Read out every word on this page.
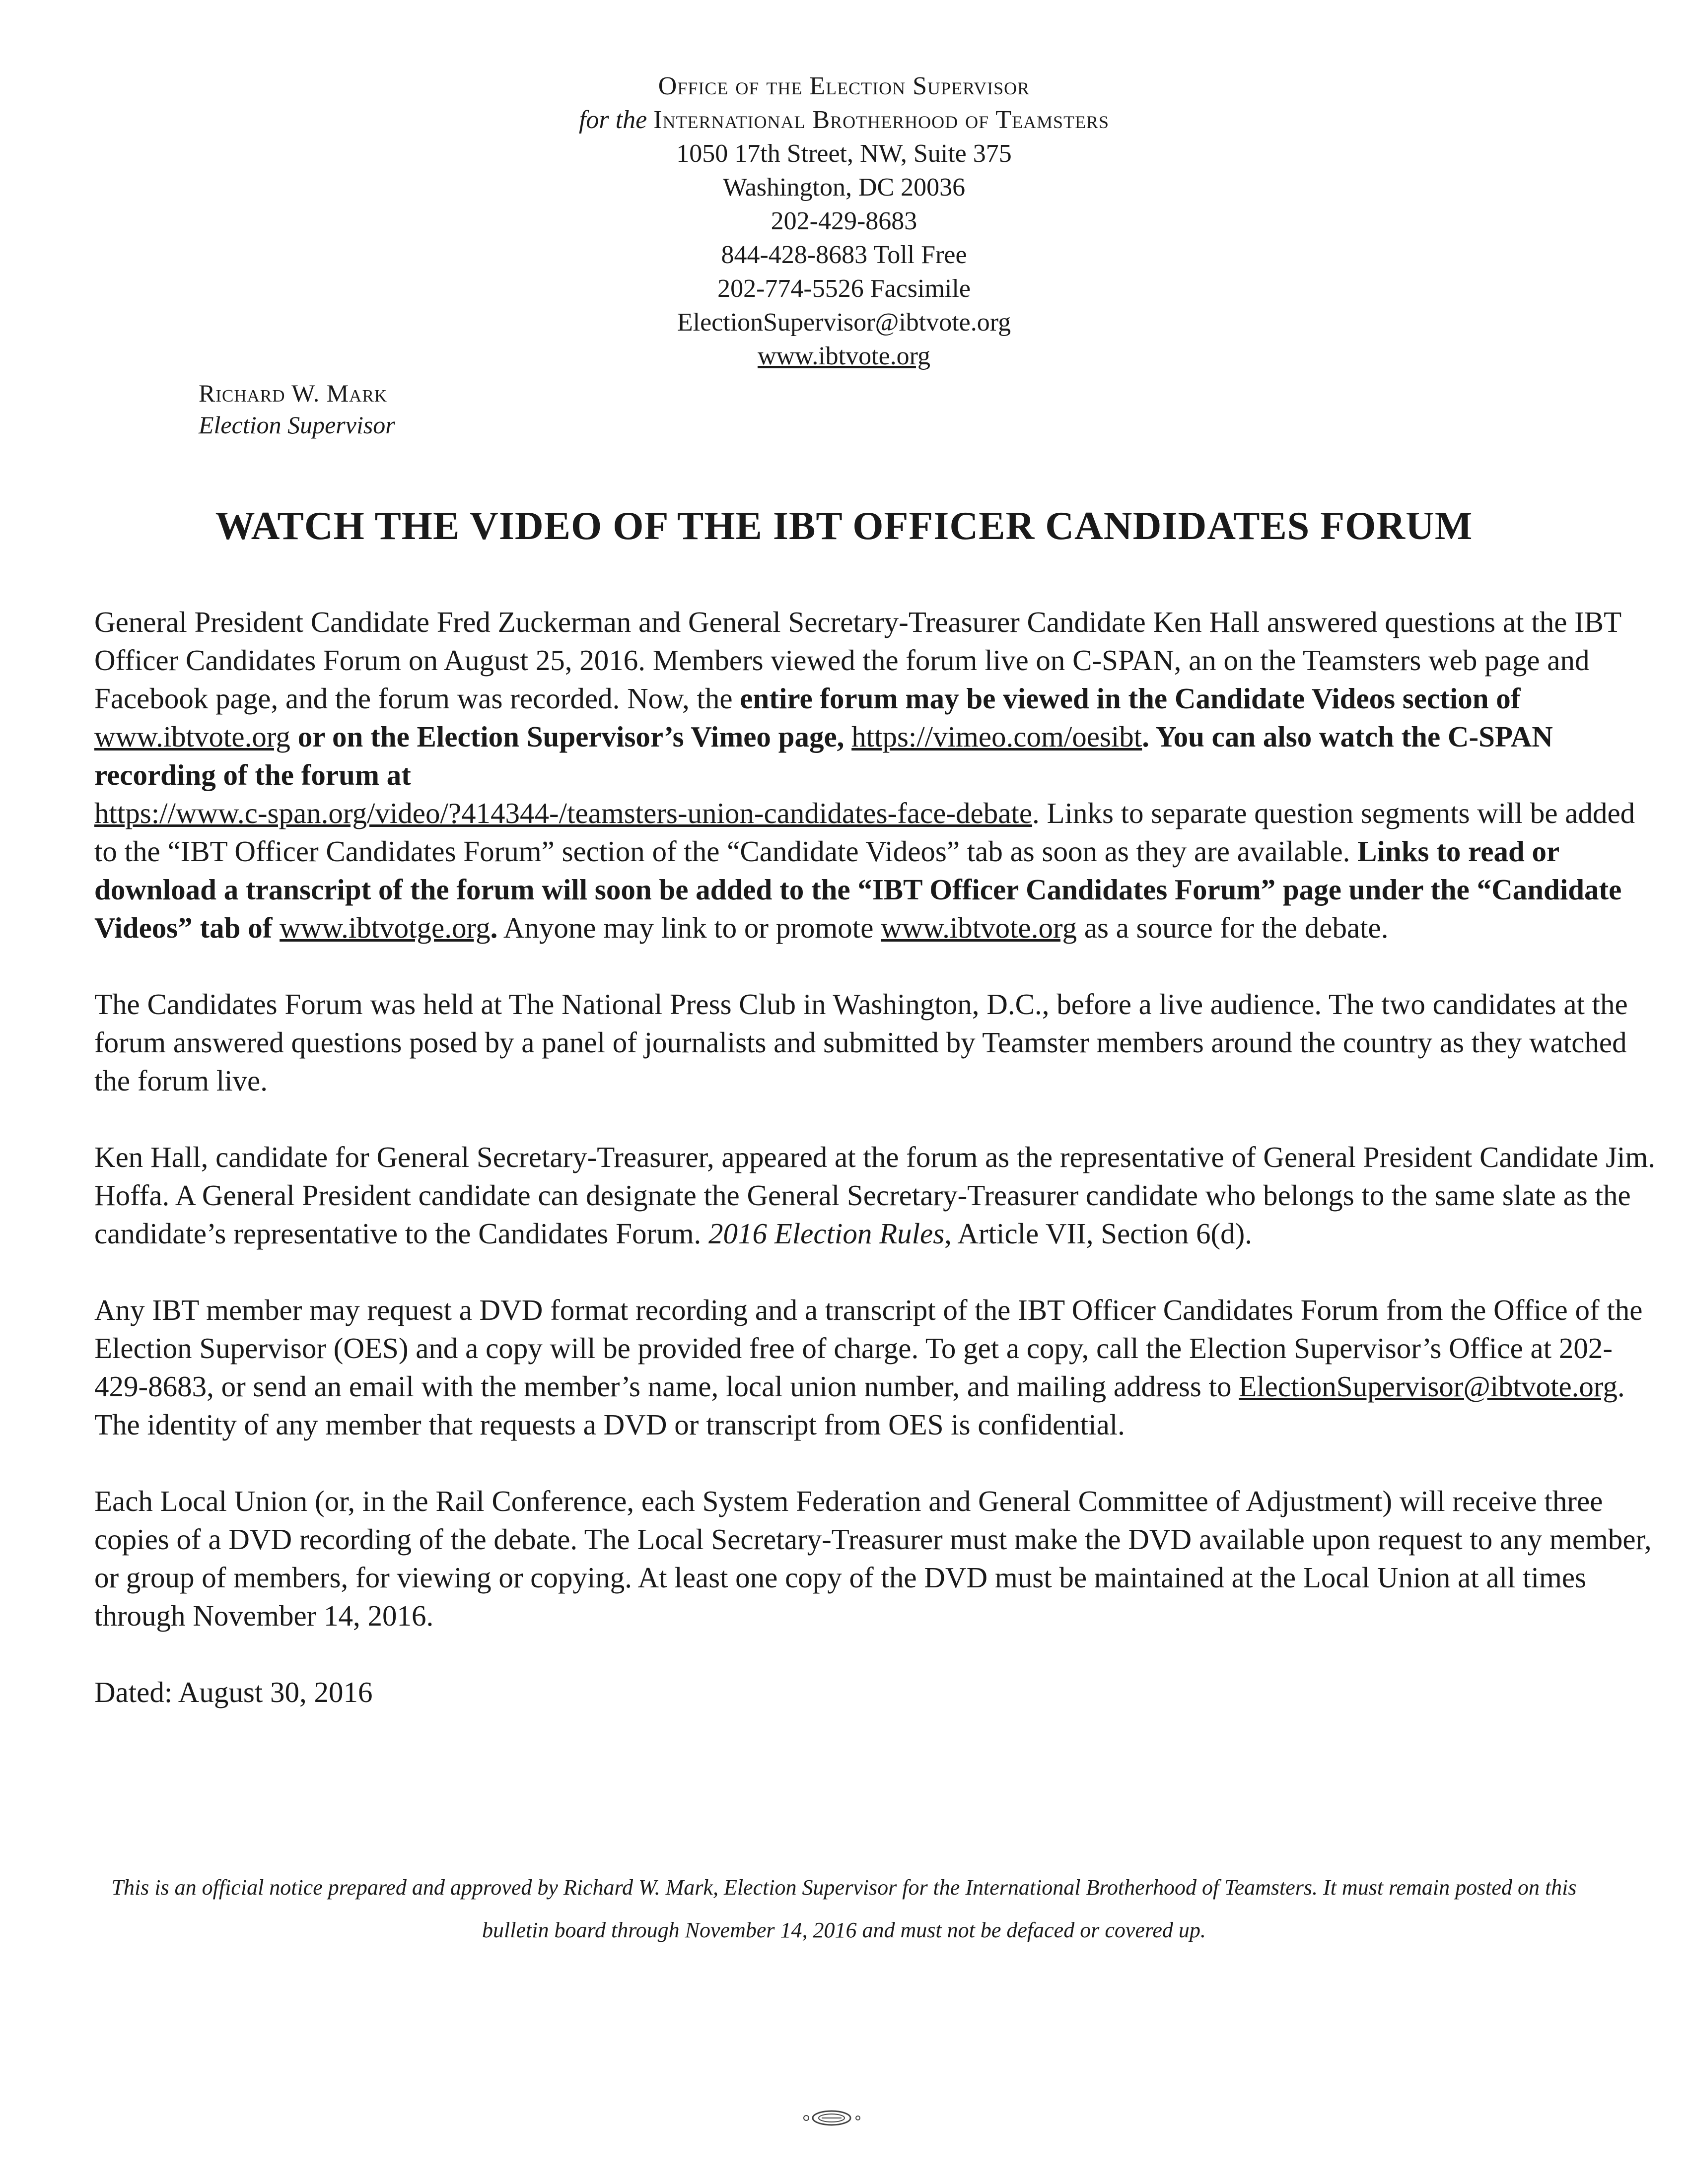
Office of the Election Supervisor
for the International Brotherhood of Teamsters
1050 17th Street, NW, Suite 375
Washington, DC 20036
202-429-8683
844-428-8683 Toll Free
202-774-5526 Facsimile
ElectionSupervisor@ibtvote.org
www.ibtvote.org
Richard W. Mark
Election Supervisor
WATCH THE VIDEO OF THE IBT OFFICER CANDIDATES FORUM

General President Candidate Fred Zuckerman and General Secretary-Treasurer Candidate Ken Hall answered questions at the IBT Officer Candidates Forum on August 25, 2016. Members viewed the forum live on C-SPAN, an on the Teamsters web page and Facebook page, and the forum was recorded. Now, the entire forum may be viewed in the Candidate Videos section of www.ibtvote.org or on the Election Supervisor’s Vimeo page, https://vimeo.com/oesibt. You can also watch the C-SPAN recording of the forum at
https://www.c-span.org/video/?414344-/teamsters-union-candidates-face-debate. Links to separate question segments will be added to the “IBT Officer Candidates Forum” section of the “Candidate Videos” tab as soon as they are available. Links to read or download a transcript of the forum will soon be added to the “IBT Officer Candidates Forum” page under the “Candidate Videos” tab of www.ibtvotge.org. Anyone may link to or promote www.ibtvote.org as a source for the debate.

The Candidates Forum was held at The National Press Club in Washington, D.C., before a live audience. The two candidates at the forum answered questions posed by a panel of journalists and submitted by Teamster members around the country as they watched the forum live.

Ken Hall, candidate for General Secretary-Treasurer, appeared at the forum as the representative of General President Candidate Jim. Hoffa. A General President candidate can designate the General Secretary-Treasurer candidate who belongs to the same slate as the candidate’s representative to the Candidates Forum. 2016 Election Rules, Article VII, Section 6(d).

Any IBT member may request a DVD format recording and a transcript of the IBT Officer Candidates Forum from the Office of the Election Supervisor (OES) and a copy will be provided free of charge. To get a copy, call the Election Supervisor’s Office at 202-429-8683, or send an email with the member’s name, local union number, and mailing address to ElectionSupervisor@ibtvote.org. The identity of any member that requests a DVD or transcript from OES is confidential.

Each Local Union (or, in the Rail Conference, each System Federation and General Committee of Adjustment) will receive three copies of a DVD recording of the debate. The Local Secretary-Treasurer must make the DVD available upon request to any member, or group of members, for viewing or copying. At least one copy of the DVD must be maintained at the Local Union at all times through November 14, 2016.

Dated: August 30, 2016

This is an official notice prepared and approved by Richard W. Mark, Election Supervisor for the International Brotherhood of Teamsters. It must remain posted on this bulletin board through November 14, 2016 and must not be defaced or covered up.
